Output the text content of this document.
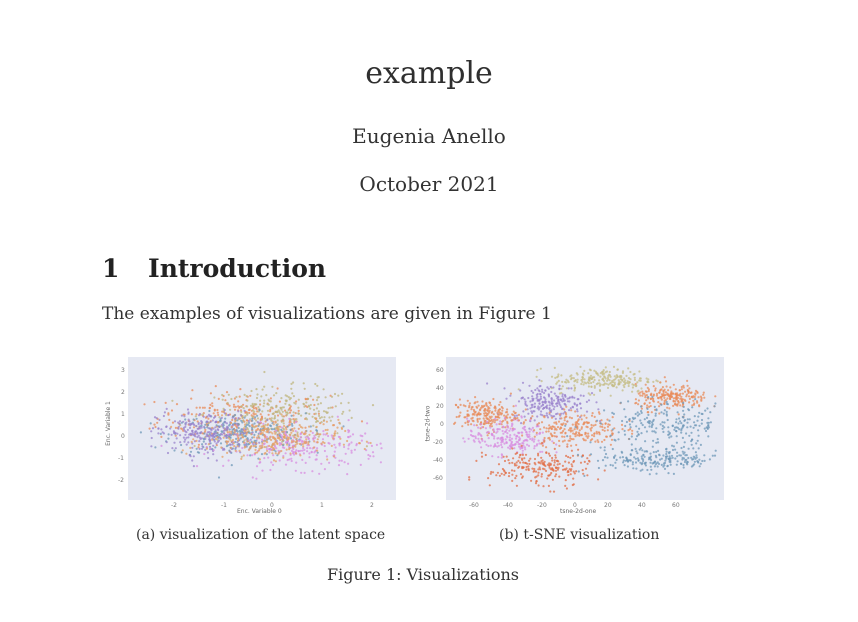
example
Eugenia Anello
October 2021
1 Introduction
The examples of visualizations are given in Figure 1
Enc. Variable 0
Enc. Variable 1
-2	-1	0	1	2
3
2
1
0
-1
-2
tsne-2d-one
tsne-2d-two
-60	-40	-20	0	20	40	60
60
40
20
0
-20
-40
-60
(a) visualization of the latent space	(b) t-SNE visualization
Figure 1: Visualizations
